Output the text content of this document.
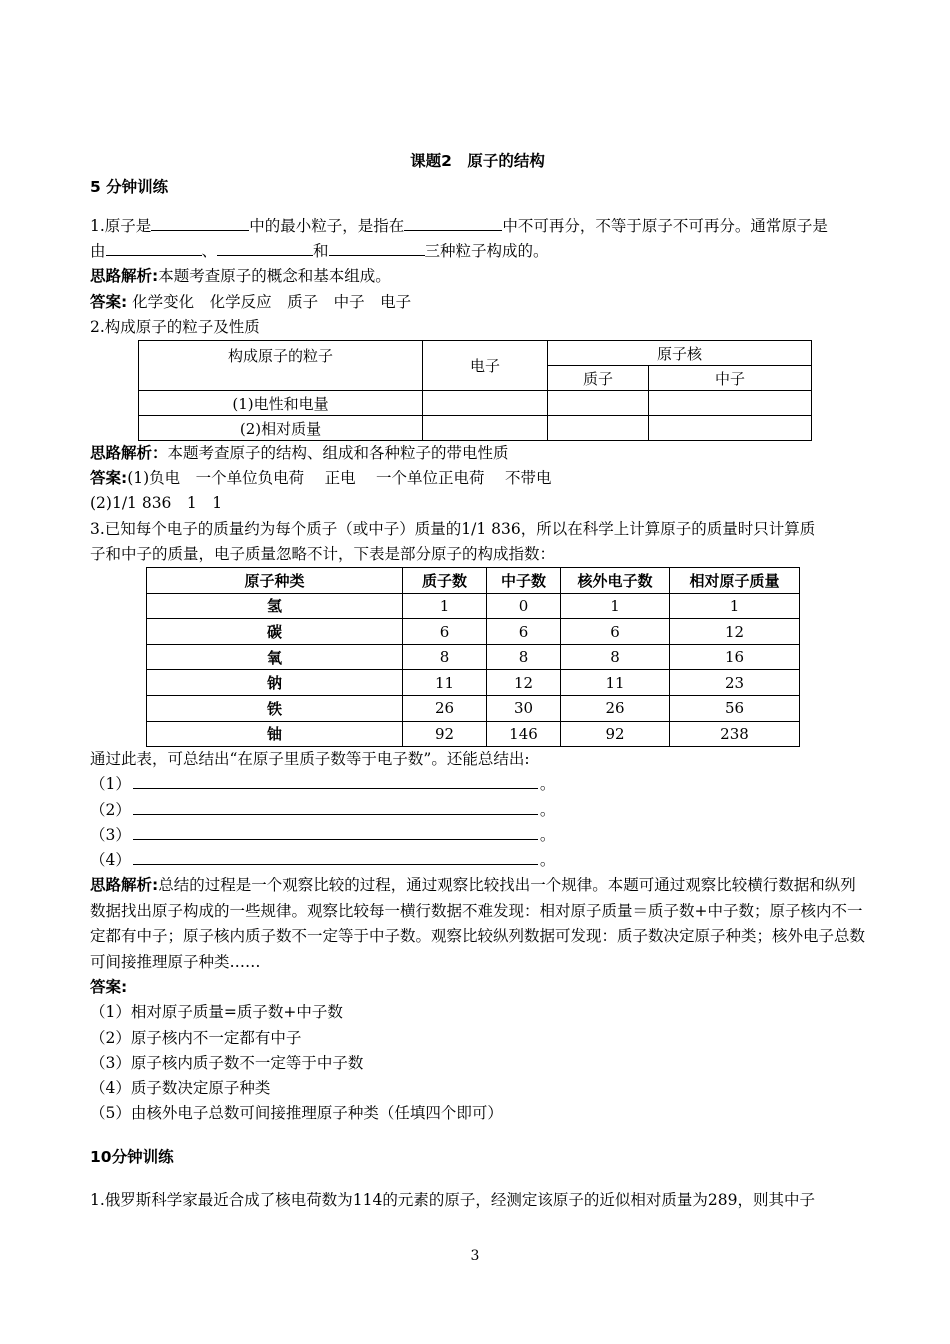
课题2　原子的结构
5 分钟训练
1.原子是	中的最小粒子，是指在	中不可再分，不等于原子不可再分。通常原子是
由	、	和	三种粒子构成的。
思路解析:本题考查原子的概念和基本组成。
答案: 化学变化　化学反应　质子　中子　电子
2.构成原子的粒子及性质
构成原子的粒子	电子	原子核	
		质子	中子
(1)电性和电量			
(2)相对质量			
思路解析：本题考查原子的结构、组成和各种粒子的带电性质
答案:(1)负电　一个单位负电荷　 正电　 一个单位正电荷　 不带电
(2)1/1 836　1　1
3.已知每个电子的质量约为每个质子（或中子）质量的1/1 836，所以在科学上计算原子的质量时只计算质
子和中子的质量，电子质量忽略不计，下表是部分原子的构成指数：
原子种类	质子数	中子数	核外电子数	相对原子质量
氢	1	0	1	1
碳	6	6	6	12
氧	8	8	8	16
钠	11	12	11	23
铁	26	30	26	56
铀	92	146	92	238
通过此表，可总结出“在原子里质子数等于电子数”。还能总结出:
（1）	。
（2）	。
（3）	。
（4）	。
思路解析:总结的过程是一个观察比较的过程，通过观察比较找出一个规律。本题可通过观察比较横行数据和纵列数据找出原子构成的一些规律。观察比较每一横行数据不难发现：相对原子质量＝质子数+中子数；原子核内不一定都有中子；原子核内质子数不一定等于中子数。观察比较纵列数据可发现：质子数决定原子种类；核外电子总数可间接推理原子种类……
答案:
（1）相对原子质量=质子数+中子数
（2）原子核内不一定都有中子
（3）原子核内质子数不一定等于中子数
（4）质子数决定原子种类
（5）由核外电子总数可间接推理原子种类（任填四个即可）
10分钟训练
1.俄罗斯科学家最近合成了核电荷数为114的元素的原子，经测定该原子的近似相对质量为289，则其中子
3
